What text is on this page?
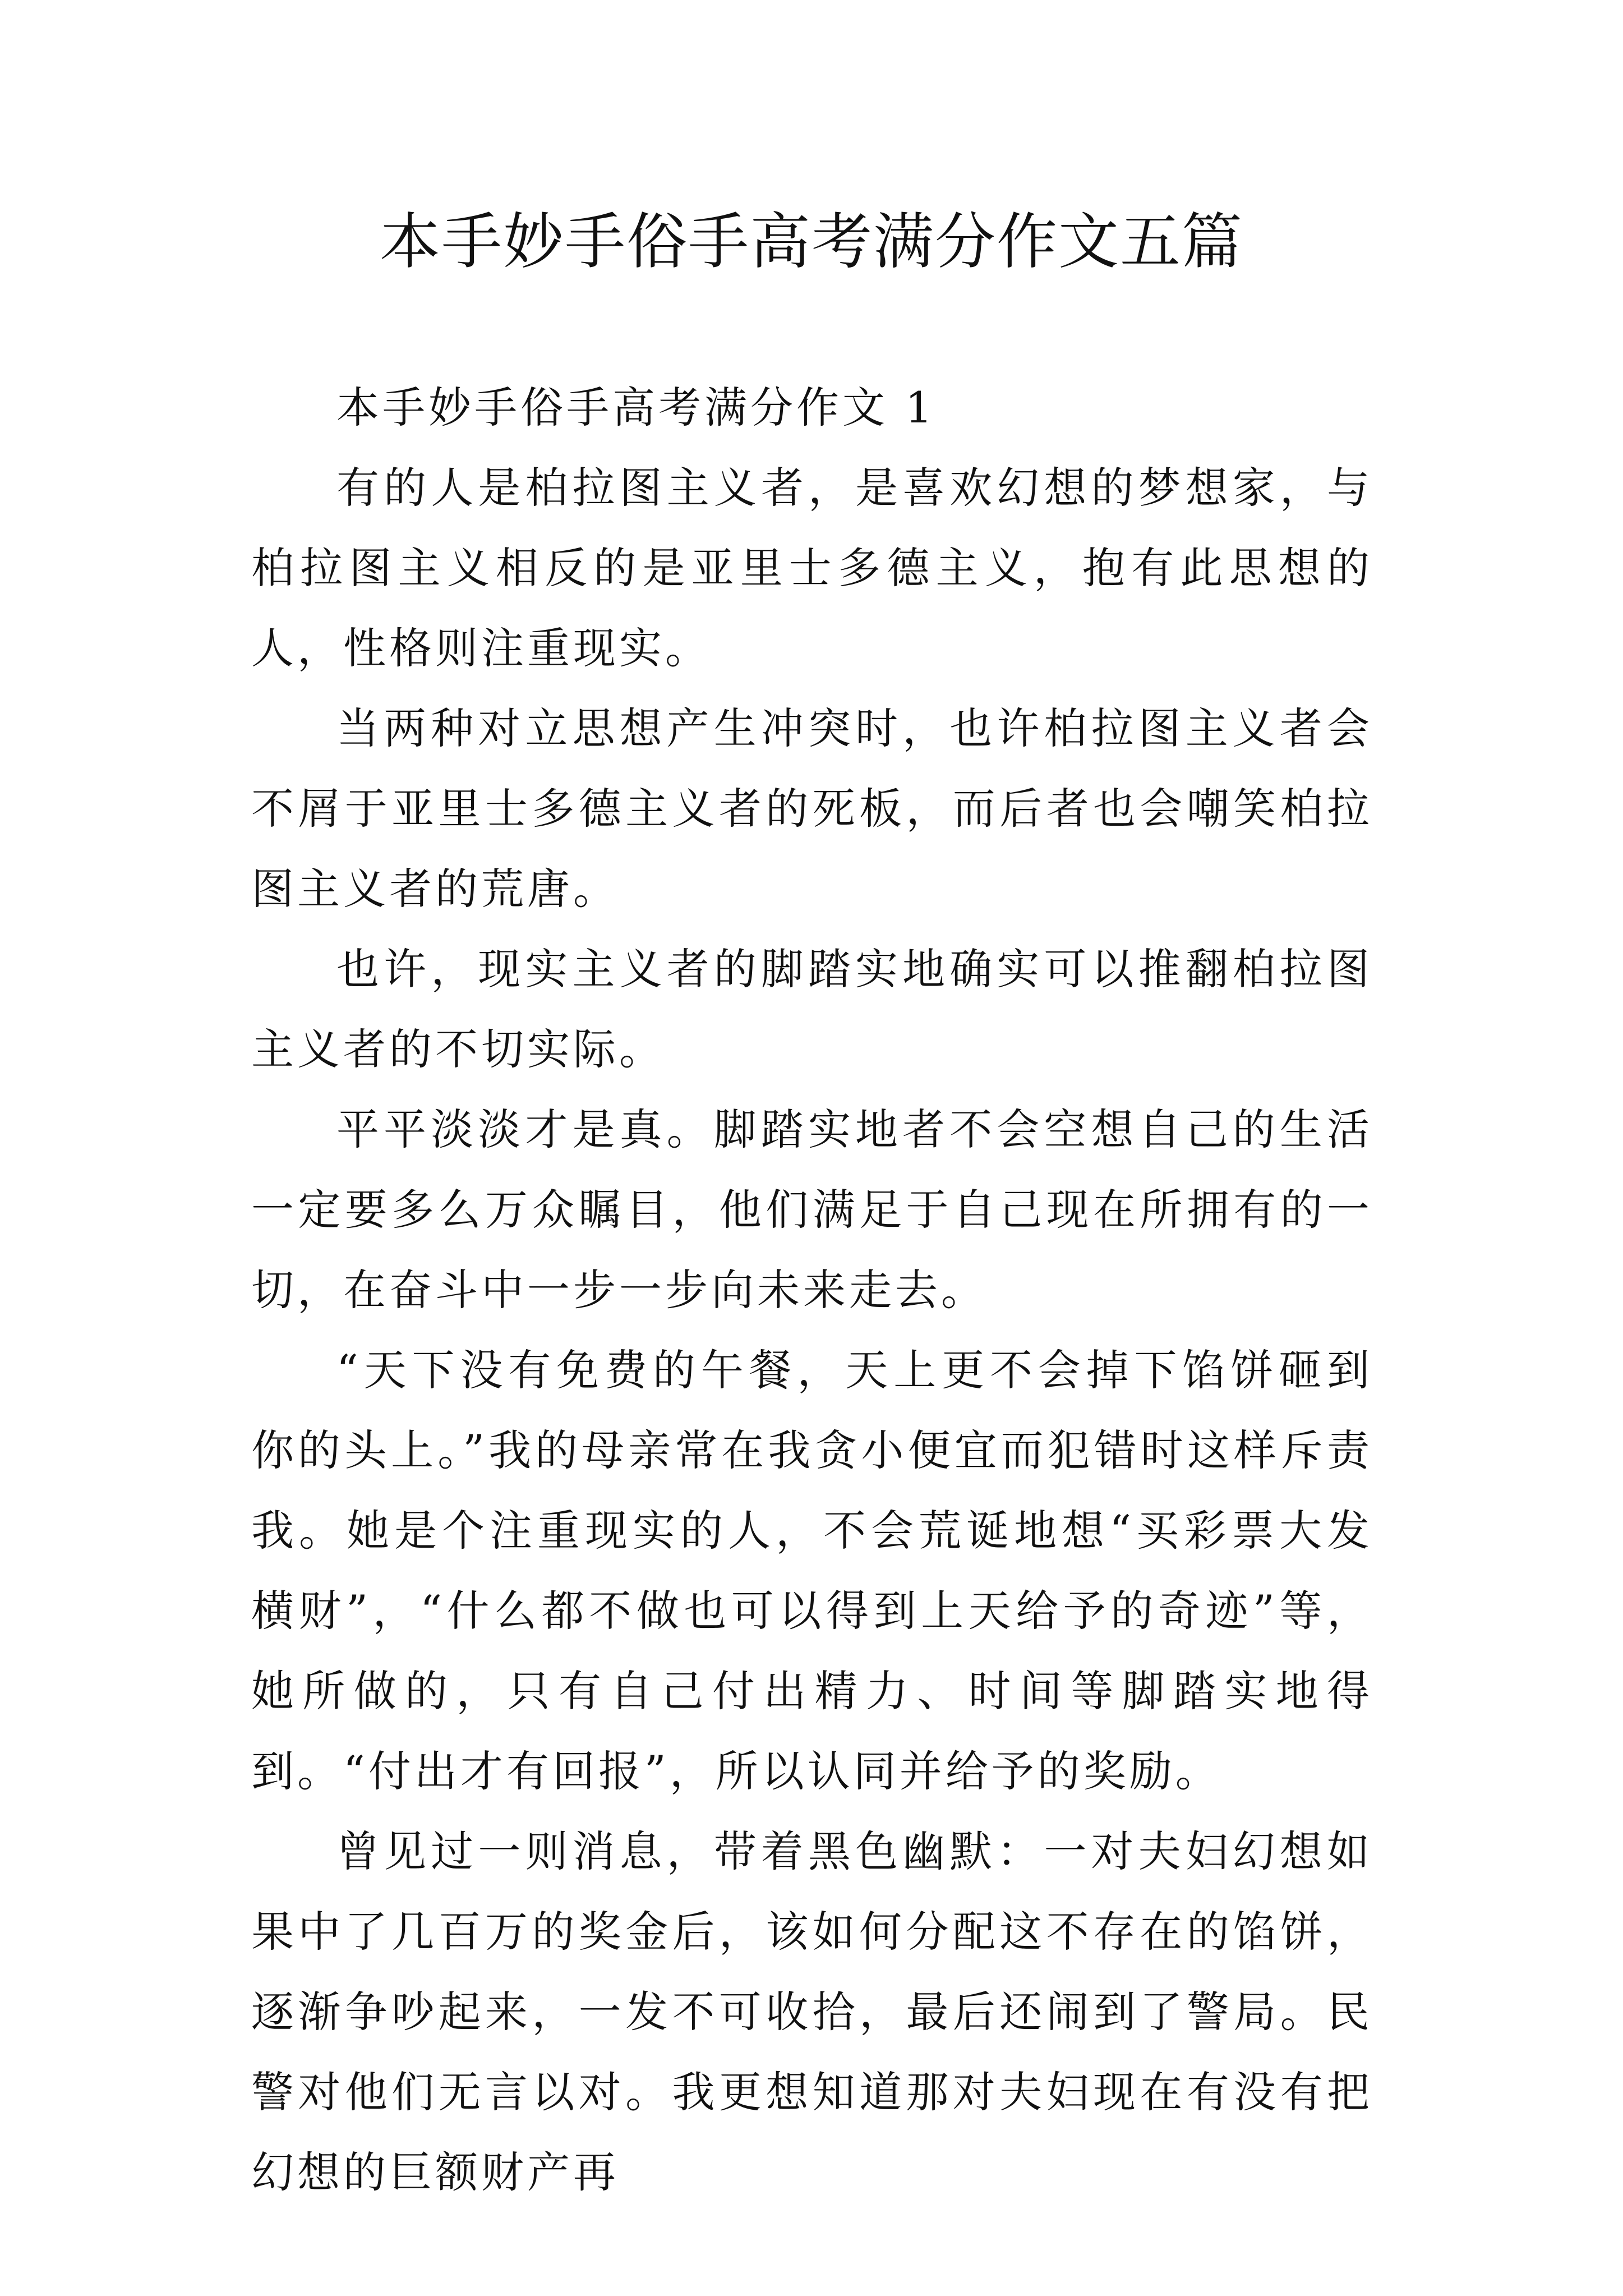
本手妙手俗手高考满分作文五篇

本手妙手俗手高考满分作文 1

有的人是柏拉图主义者，是喜欢幻想的梦想家，与柏拉图主义相反的是亚里士多德主义，抱有此思想的人，性格则注重现实。

当两种对立思想产生冲突时，也许柏拉图主义者会不屑于亚里士多德主义者的死板，而后者也会嘲笑柏拉图主义者的荒唐。

也许，现实主义者的脚踏实地确实可以推翻柏拉图主义者的不切实际。

平平淡淡才是真。脚踏实地者不会空想自己的生活一定要多么万众瞩目，他们满足于自己现在所拥有的一切，在奋斗中一步一步向未来走去。

“天下没有免费的午餐，天上更不会掉下馅饼砸到你的头上。”我的母亲常在我贪小便宜而犯错时这样斥责我。她是个注重现实的人，不会荒诞地想“买彩票大发横财”，“什么都不做也可以得到上天给予的奇迹”等，她所做的，只有自己付出精力、时间等脚踏实地得到。“付出才有回报”，所以认同并给予的奖励。

曾见过一则消息，带着黑色幽默：一对夫妇幻想如果中了几百万的奖金后，该如何分配这不存在的馅饼，逐渐争吵起来，一发不可收拾，最后还闹到了警局。民警对他们无言以对。我更想知道那对夫妇现在有没有把幻想的巨额财产再
